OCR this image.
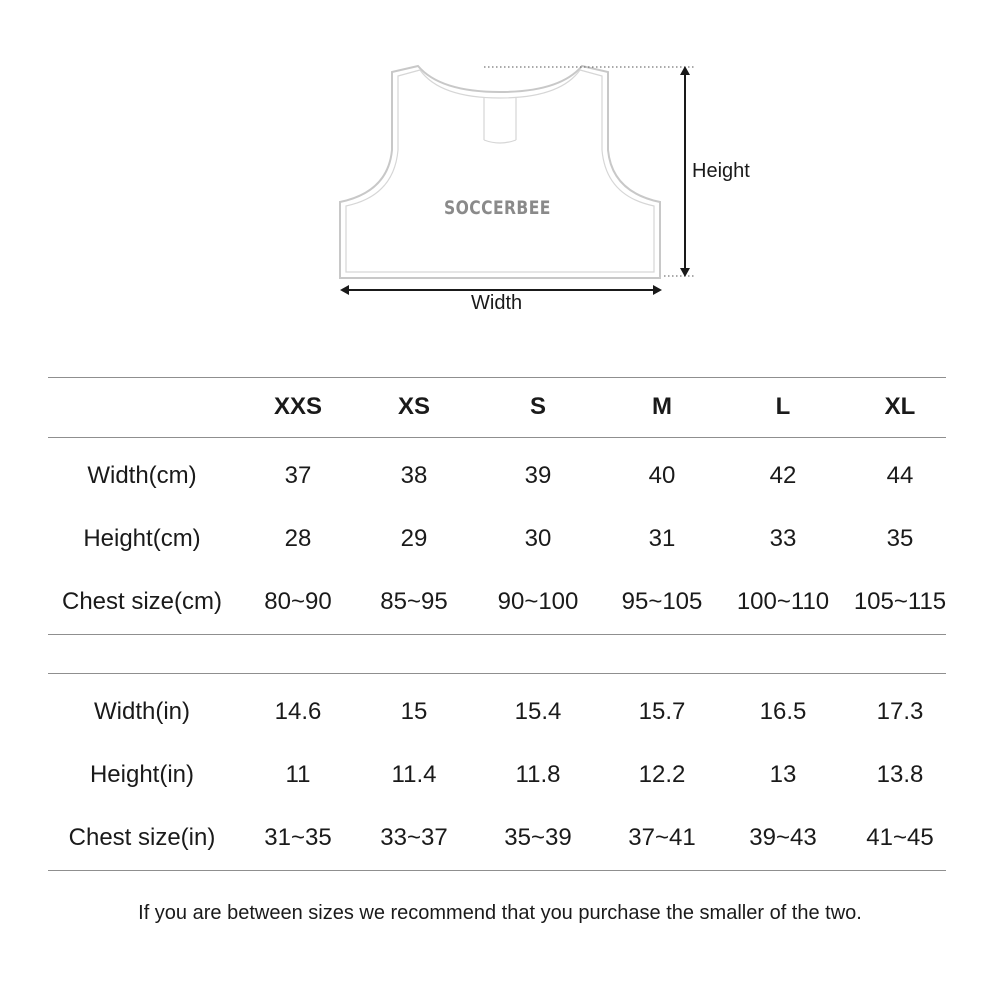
SOCCERBEE
Height
Width
XXS	XS	S	M	L	XL
Width(cm)	37	38	39	40	42	44
Height(cm)	28	29	30	31	33	35
Chest size(cm) 80~90 85~95 90~100 95~105 100~110 105~115
Width(in)	14.6	15	15.4	15.7	16.5	17.3
Height(in)	11	11.4	11.8	12.2	13	13.8
Chest size(in) 31~35 33~37 35~39 37~41 39~43 41~45
If you are between sizes we recommend that you purchase the smaller of the two.
